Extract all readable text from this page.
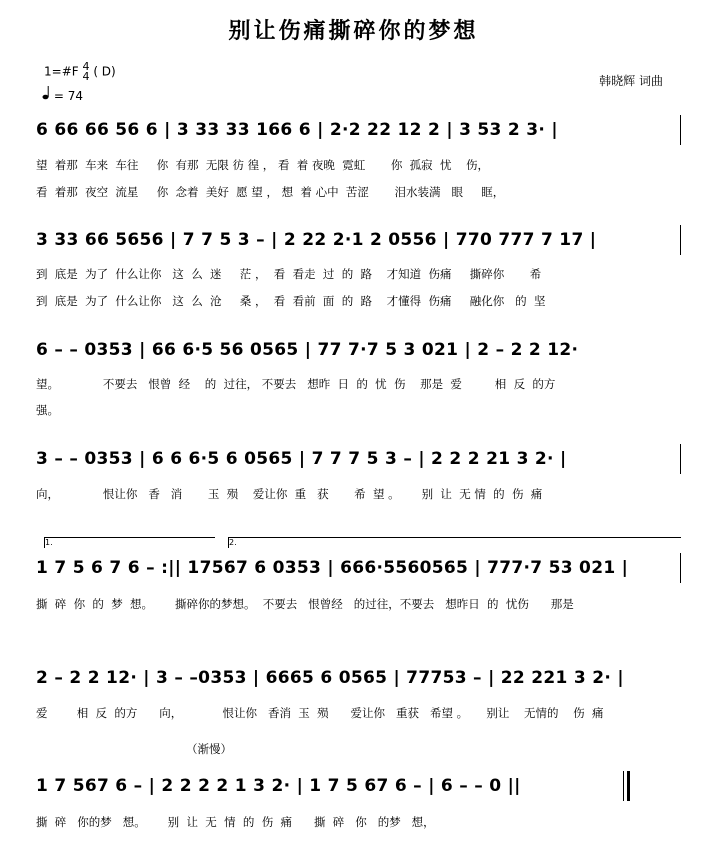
别让伤痛撕碎你的梦想
1=#F 4
4 ( D)
= 74
韩晓辉 词曲
6 66 66 56 6 | 3 33 33 166 6 | 2·2 22 12 2 | 3 53 2 3· |
望  着那  车来  车往     你  有那  无限 彷 徨 ， 看  着 夜晚  霓虹       你  孤寂  忧    伤，
看  着那  夜空  流星     你  念着  美好  愿 望 ， 想  着 心中  苦涩       泪水装满   眼     眶，
3 33 66 5656 | 7 7 5 3 – | 2 22 2·1 2 0556 | 770 777 7 17 |
到  底是  为了  什么让你   这  么  迷     茫 ，  看  看走  过  的  路    才知道  伤痛     撕碎你       希
到  底是  为了  什么让你   这  么  沧     桑 ，  看  看前  面  的  路    才懂得  伤痛     融化你   的  坚
6 – – 0353 | 66 6·5 56 0565 | 77 7·7 5 3 021 | 2 – 2 2 12·
望。            不要去   恨曾  经    的  过往， 不要去   想昨  日  的  忧  伤    那是  爱         相  反  的方
强。
3 – – 0353 | 6 6 6·5 6 0565 | 7 7 7 5 3 – | 2 2 2 21 3 2· |
向，            恨让你   香   消       玉  殒    爱让你  重   获       希  望 。      别  让  无 情  的  伤  痛
1.	2.
1 7 5 6 7 6 – :|| 17567 6 0353 | 666·5560565 | 777·7 53 021 |
撕  碎  你  的  梦  想。      撕碎你的梦想。  不要去   恨曾经   的过往，不要去   想昨日  的  忧伤      那是
2 – 2 2 12· | 3 – –0353 | 6665 6 0565 | 77753 – | 22 221 3 2· |
爱        相  反  的方      向，           恨让你   香消  玉  殒      爱让你   重获   希望 。     别让    无情的    伤  痛
（渐慢）
1 7 567 6 – | 2 2 2 2 1 3 2· | 1 7 5 67 6 – | 6 – – 0 ||
撕  碎   你的梦   想。      别  让  无  情  的  伤  痛      撕  碎   你   的梦   想，
